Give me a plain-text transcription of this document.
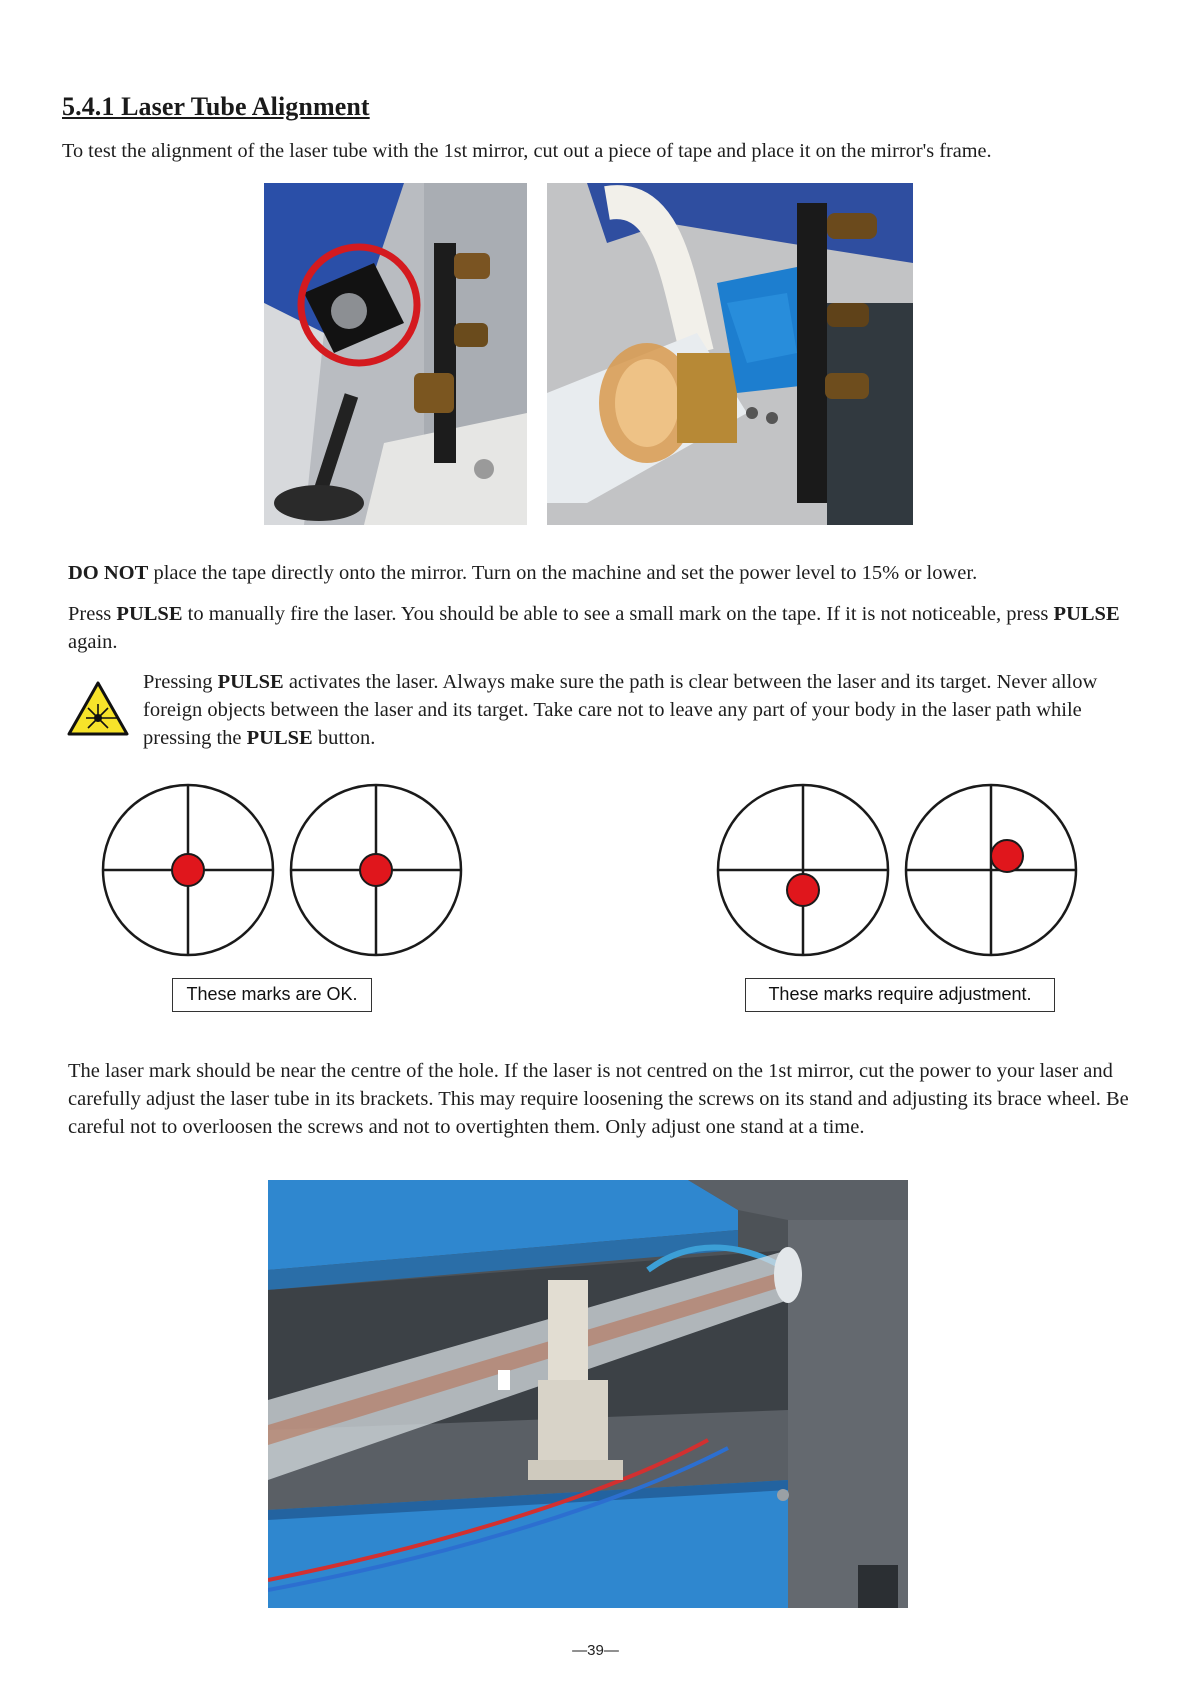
5.4.1 Laser Tube Alignment

To test the alignment of the laser tube with the 1st mirror, cut out a piece of tape and place it on the mirror's frame.

DO NOT place the tape directly onto the mirror. Turn on the machine and set the power level to 15% or lower.

Press PULSE to manually fire the laser. You should be able to see a small mark on the tape. If it is not noticeable, press PULSE again.

Pressing PULSE activates the laser. Always make sure the path is clear between the laser and its target. Never allow foreign objects between the laser and its target. Take care not to leave any part of your body in the laser path while pressing the PULSE button.

These marks are OK.	These marks require adjustment.

The laser mark should be near the centre of the hole. If the laser is not centred on the 1st mirror, cut the power to your laser and carefully adjust the laser tube in its brackets. This may require loosening the screws on its stand and adjusting its brace wheel. Be careful not to overloosen the screws and not to overtighten them. Only adjust one stand at a time.

—39—
